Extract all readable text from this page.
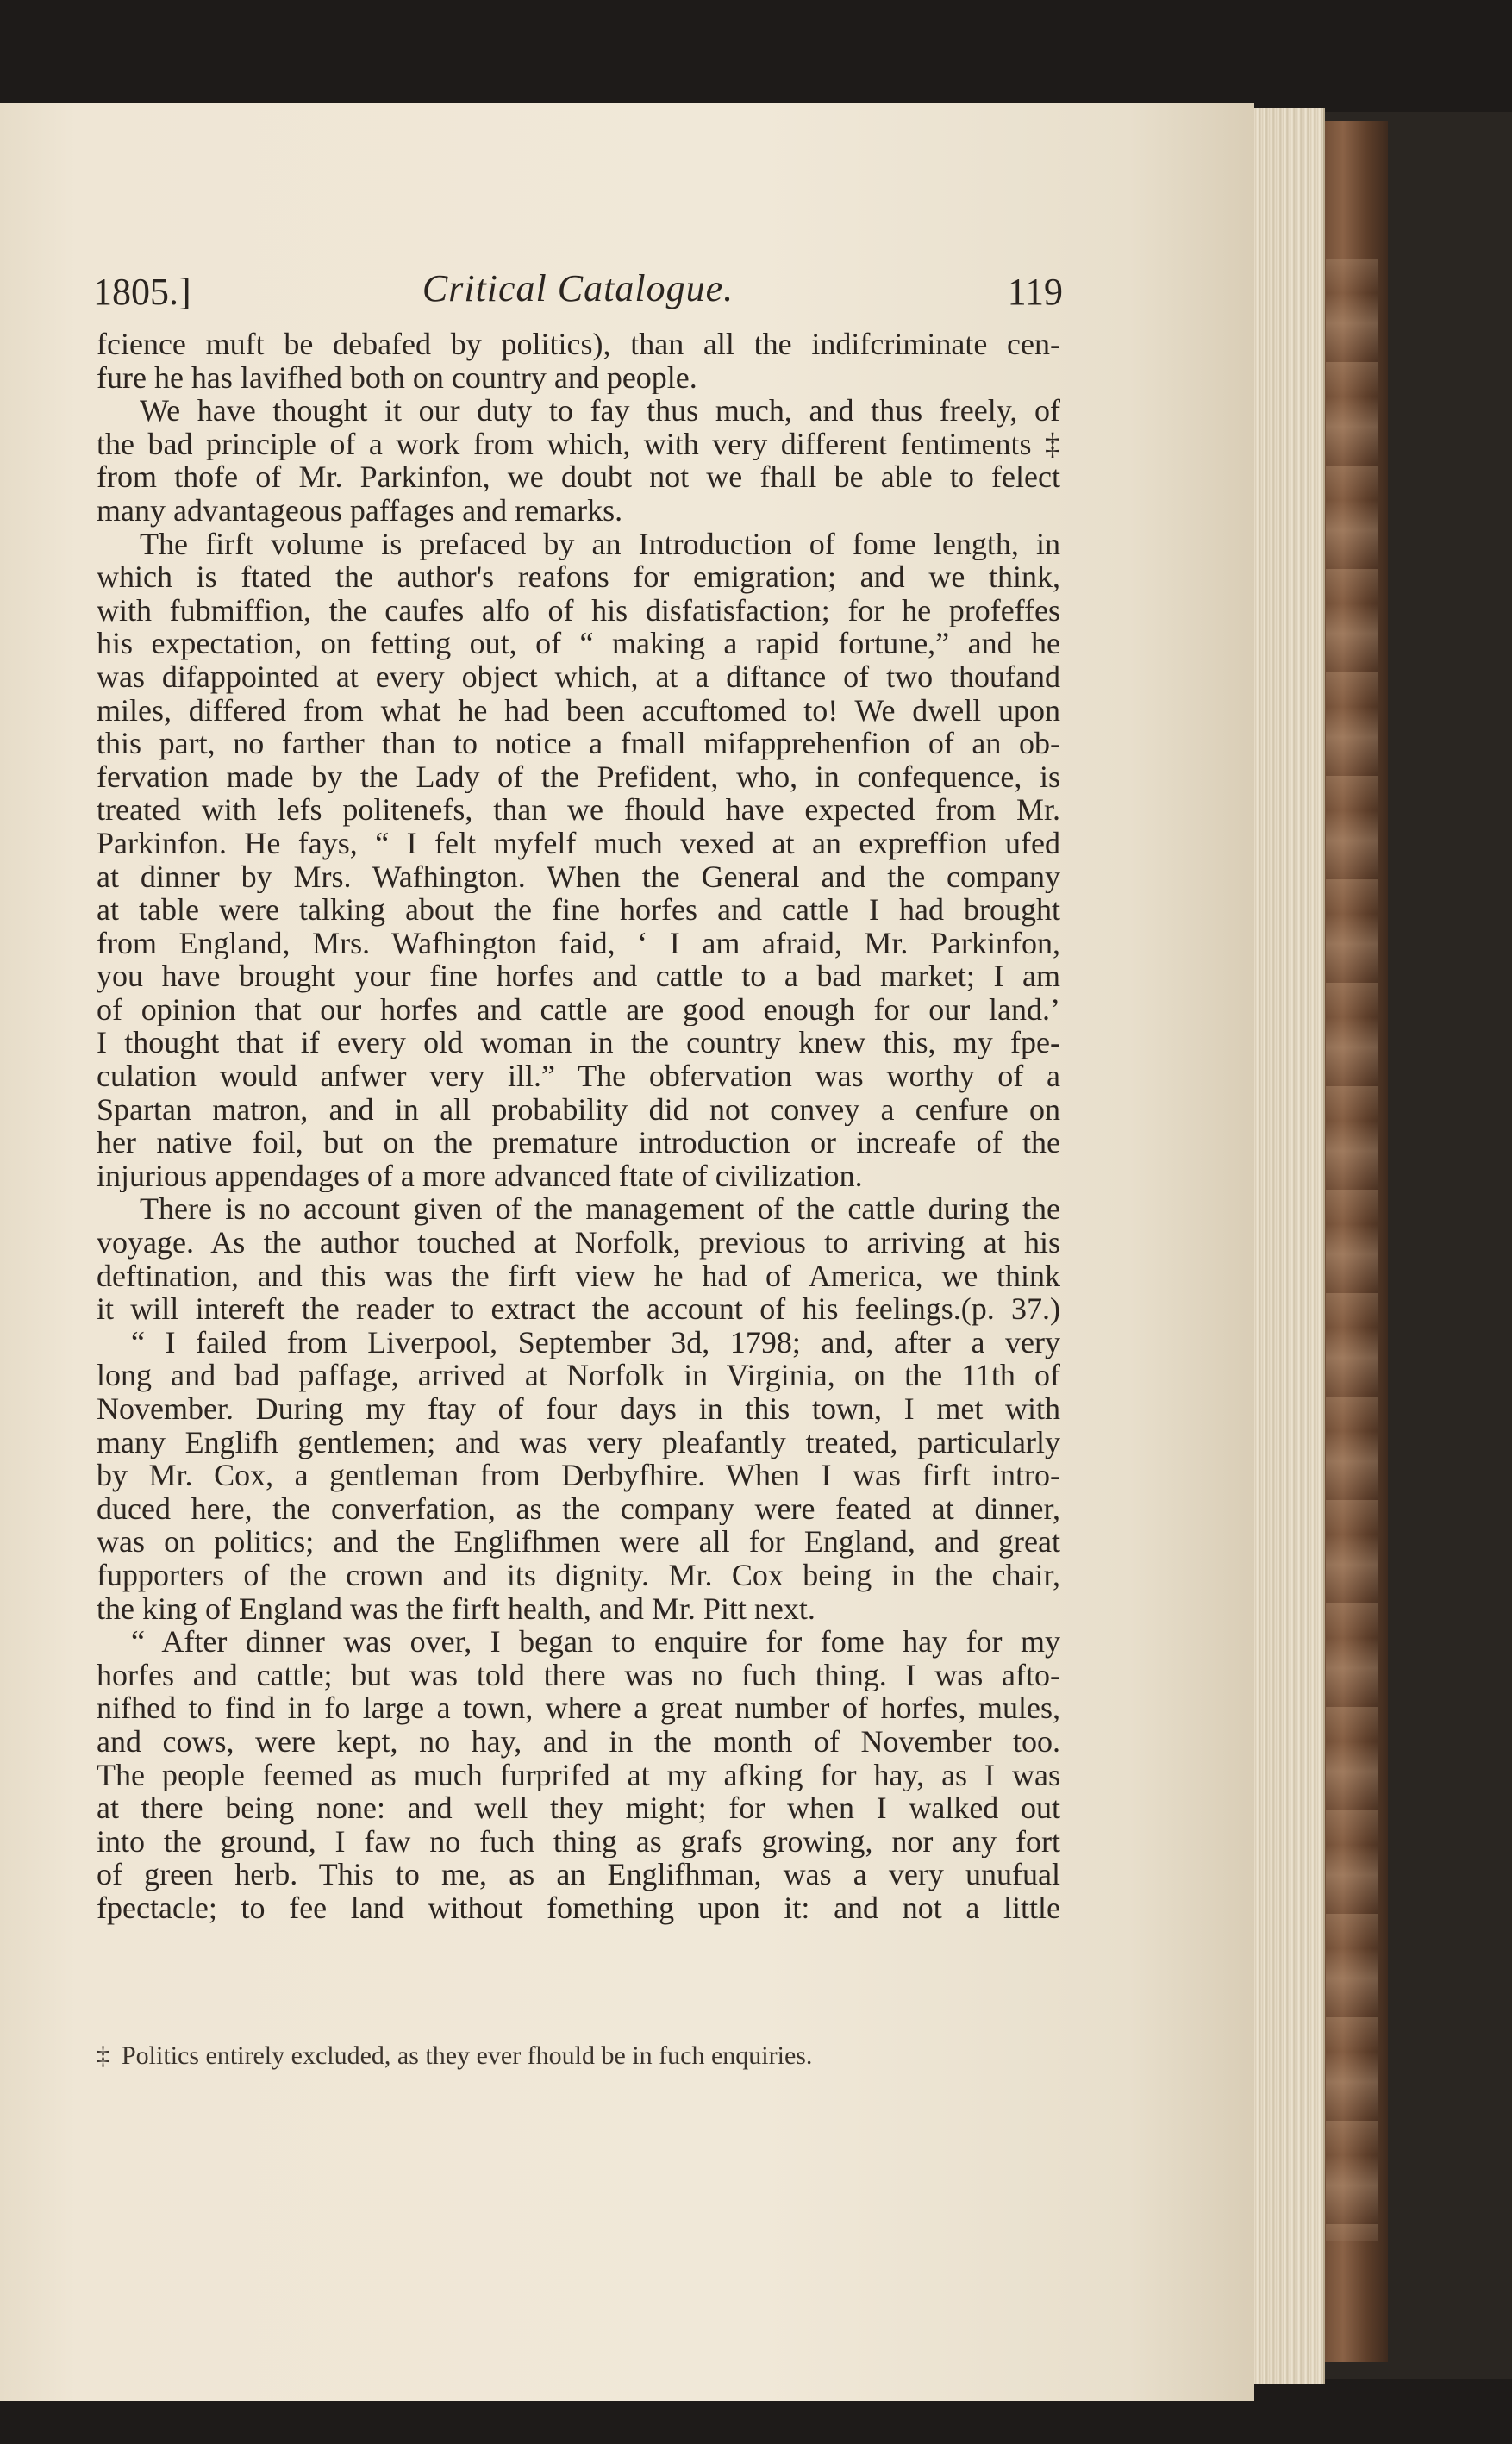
1805.]	Critical Catalogue.	119
fcience muft be debafed by politics), than all the indifcriminate cen-
fure he has lavifhed both on country and people.
We have thought it our duty to fay thus much, and thus freely, of
the bad principle of a work from which, with very different fentiments ‡
from thofe of Mr. Parkinfon, we doubt not we fhall be able to felect
many advantageous paffages and remarks.
The firft volume is prefaced by an Introduction of fome length, in
which is ftated the author's reafons for emigration; and we think,
with fubmiffion, the caufes alfo of his disfatisfaction; for he profeffes
his expectation, on fetting out, of “ making a rapid fortune,” and he
was difappointed at every object which, at a diftance of two thoufand
miles, differed from what he had been accuftomed to! We dwell upon
this part, no farther than to notice a fmall mifapprehenfion of an ob-
fervation made by the Lady of the Prefident, who, in confequence, is
treated with lefs politenefs, than we fhould have expected from Mr.
Parkinfon. He fays, “ I felt myfelf much vexed at an expreffion ufed
at dinner by Mrs. Wafhington. When the General and the company
at table were talking about the fine horfes and cattle I had brought
from England, Mrs. Wafhington faid, ‘ I am afraid, Mr. Parkinfon,
you have brought your fine horfes and cattle to a bad market; I am
of opinion that our horfes and cattle are good enough for our land.’
I thought that if every old woman in the country knew this, my fpe-
culation would anfwer very ill.” The obfervation was worthy of a
Spartan matron, and in all probability did not convey a cenfure on
her native foil, but on the premature introduction or increafe of the
injurious appendages of a more advanced ftate of civilization.
There is no account given of the management of the cattle during the
voyage. As the author touched at Norfolk, previous to arriving at his
deftination, and this was the firft view he had of America, we think
it will intereft the reader to extract the account of his feelings.(p. 37.)
“ I failed from Liverpool, September 3d, 1798; and, after a very
long and bad paffage, arrived at Norfolk in Virginia, on the 11th of
November. During my ftay of four days in this town, I met with
many Englifh gentlemen; and was very pleafantly treated, particularly
by Mr. Cox, a gentleman from Derbyfhire. When I was firft intro-
duced here, the converfation, as the company were feated at dinner,
was on politics; and the Englifhmen were all for England, and great
fupporters of the crown and its dignity. Mr. Cox being in the chair,
the king of England was the firft health, and Mr. Pitt next.
“ After dinner was over, I began to enquire for fome hay for my
horfes and cattle; but was told there was no fuch thing. I was afto-
nifhed to find in fo large a town, where a great number of horfes, mules,
and cows, were kept, no hay, and in the month of November too.
The people feemed as much furprifed at my afking for hay, as I was
at there being none: and well they might; for when I walked out
into the ground, I faw no fuch thing as grafs growing, nor any fort
of green herb. This to me, as an Englifhman, was a very unufual
fpectacle; to fee land without fomething upon it: and not a little
‡ Politics entirely excluded, as they ever fhould be in fuch enquiries.
